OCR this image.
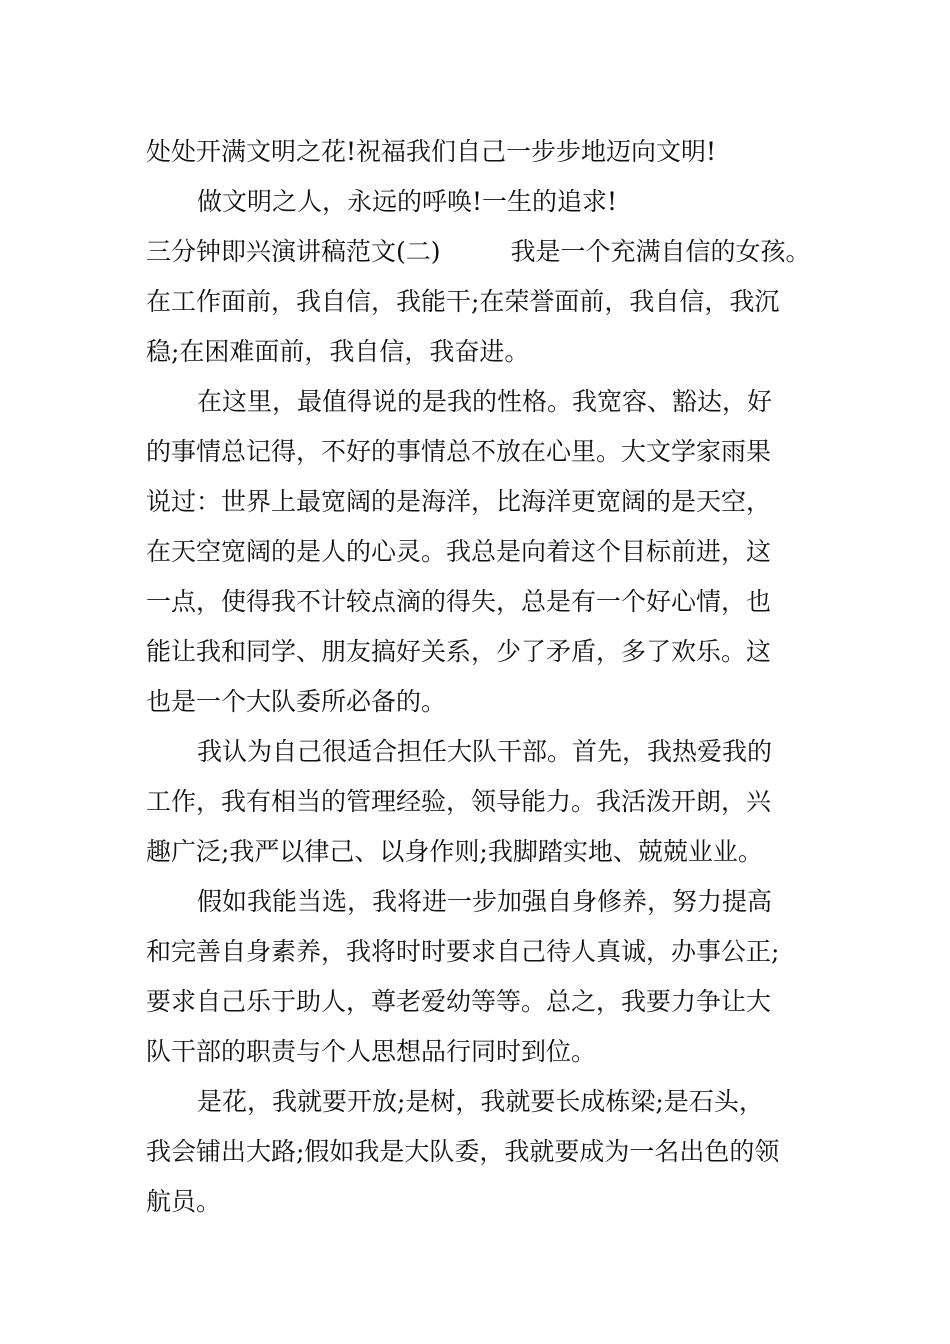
处处开满文明之花!祝福我们自己一步步地迈向文明!
做文明之人，永远的呼唤!一生的追求!
三分钟即兴演讲稿范文(二)	我是一个充满自信的女孩。
在工作面前，我自信，我能干;在荣誉面前，我自信，我沉
稳;在困难面前，我自信，我奋进。
在这里，最值得说的是我的性格。我宽容、豁达，好
的事情总记得，不好的事情总不放在心里。大文学家雨果
说过：世界上最宽阔的是海洋，比海洋更宽阔的是天空，
在天空宽阔的是人的心灵。我总是向着这个目标前进，这
一点，使得我不计较点滴的得失，总是有一个好心情，也
能让我和同学、朋友搞好关系，少了矛盾，多了欢乐。这
也是一个大队委所必备的。
我认为自己很适合担任大队干部。首先，我热爱我的
工作，我有相当的管理经验，领导能力。我活泼开朗，兴
趣广泛;我严以律己、以身作则;我脚踏实地、兢兢业业。
假如我能当选，我将进一步加强自身修养，努力提高
和完善自身素养，我将时时要求自己待人真诚，办事公正;
要求自己乐于助人，尊老爱幼等等。总之，我要力争让大
队干部的职责与个人思想品行同时到位。
是花，我就要开放;是树，我就要长成栋梁;是石头，
我会铺出大路;假如我是大队委，我就要成为一名出色的领
航员。
